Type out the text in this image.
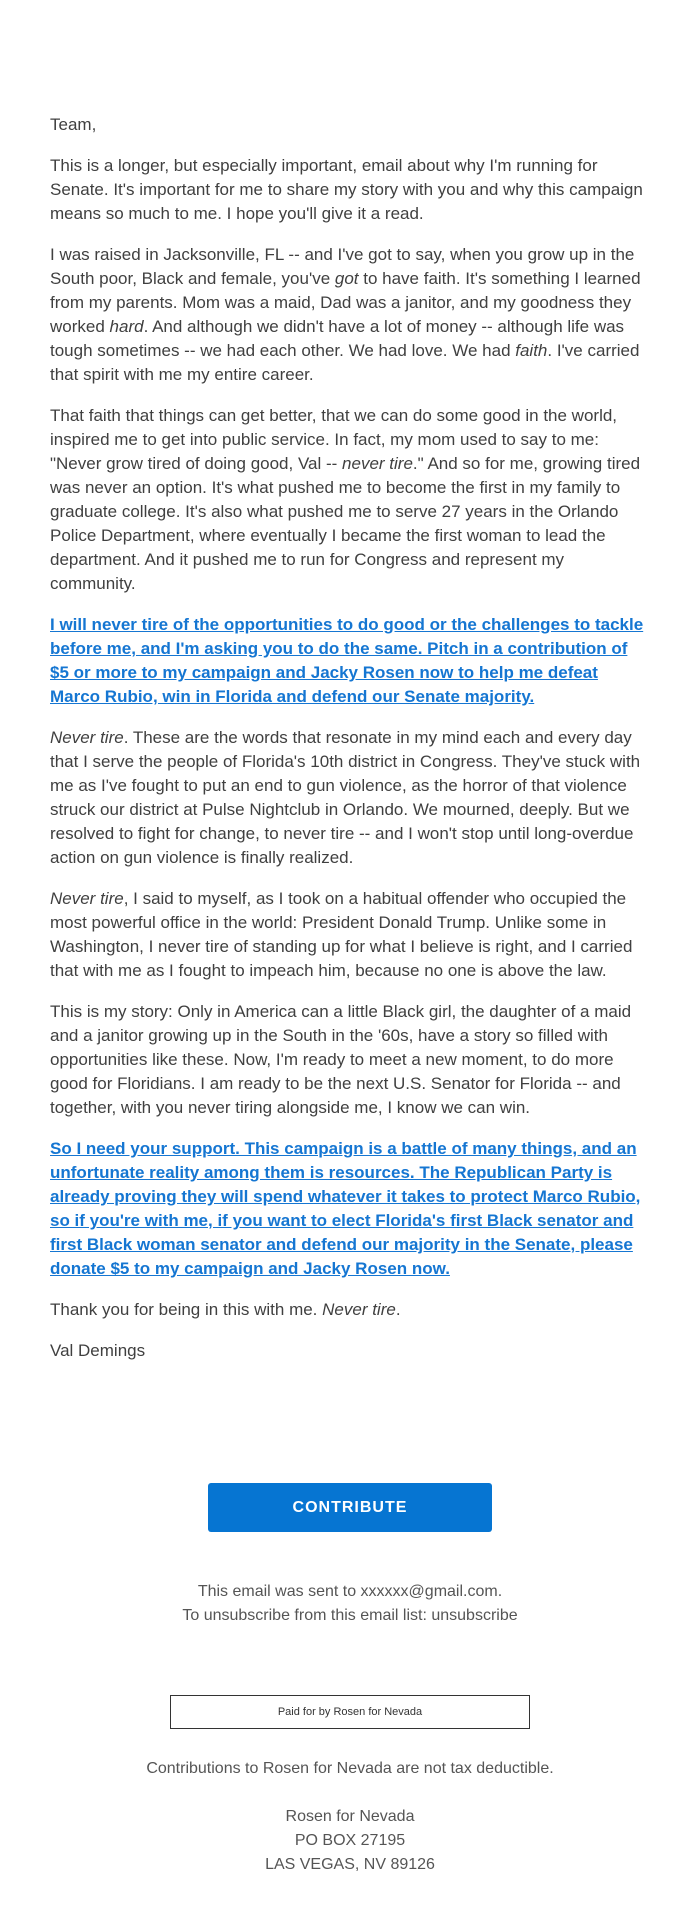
Team,

This is a longer, but especially important, email about why I'm running for Senate. It's important for me to share my story with you and why this campaign means so much to me. I hope you'll give it a read.

I was raised in Jacksonville, FL -- and I've got to say, when you grow up in the South poor, Black and female, you've got to have faith. It's something I learned from my parents. Mom was a maid, Dad was a janitor, and my goodness they worked hard. And although we didn't have a lot of money -- although life was tough sometimes -- we had each other. We had love. We had faith. I've carried that spirit with me my entire career.

That faith that things can get better, that we can do some good in the world, inspired me to get into public service. In fact, my mom used to say to me: "Never grow tired of doing good, Val -- never tire." And so for me, growing tired was never an option. It's what pushed me to become the first in my family to graduate college. It's also what pushed me to serve 27 years in the Orlando Police Department, where eventually I became the first woman to lead the department. And it pushed me to run for Congress and represent my community.

I will never tire of the opportunities to do good or the challenges to tackle before me, and I'm asking you to do the same. Pitch in a contribution of $5 or more to my campaign and Jacky Rosen now to help me defeat Marco Rubio, win in Florida and defend our Senate majority.

Never tire. These are the words that resonate in my mind each and every day that I serve the people of Florida's 10th district in Congress. They've stuck with me as I've fought to put an end to gun violence, as the horror of that violence struck our district at Pulse Nightclub in Orlando. We mourned, deeply. But we resolved to fight for change, to never tire -- and I won't stop until long-overdue action on gun violence is finally realized.

Never tire, I said to myself, as I took on a habitual offender who occupied the most powerful office in the world: President Donald Trump. Unlike some in Washington, I never tire of standing up for what I believe is right, and I carried that with me as I fought to impeach him, because no one is above the law.

This is my story: Only in America can a little Black girl, the daughter of a maid and a janitor growing up in the South in the '60s, have a story so filled with opportunities like these. Now, I'm ready to meet a new moment, to do more good for Floridians. I am ready to be the next U.S. Senator for Florida -- and together, with you never tiring alongside me, I know we can win.

So I need your support. This campaign is a battle of many things, and an unfortunate reality among them is resources. The Republican Party is already proving they will spend whatever it takes to protect Marco Rubio, so if you're with me, if you want to elect Florida's first Black senator and first Black woman senator and defend our majority in the Senate, please donate $5 to my campaign and Jacky Rosen now.

Thank you for being in this with me. Never tire.

Val Demings

CONTRIBUTE
This email was sent to xxxxxx@gmail.com.
To unsubscribe from this email list: unsubscribe
Paid for by Rosen for Nevada
Contributions to Rosen for Nevada are not tax deductible.
Rosen for Nevada
PO BOX 27195
LAS VEGAS, NV 89126
